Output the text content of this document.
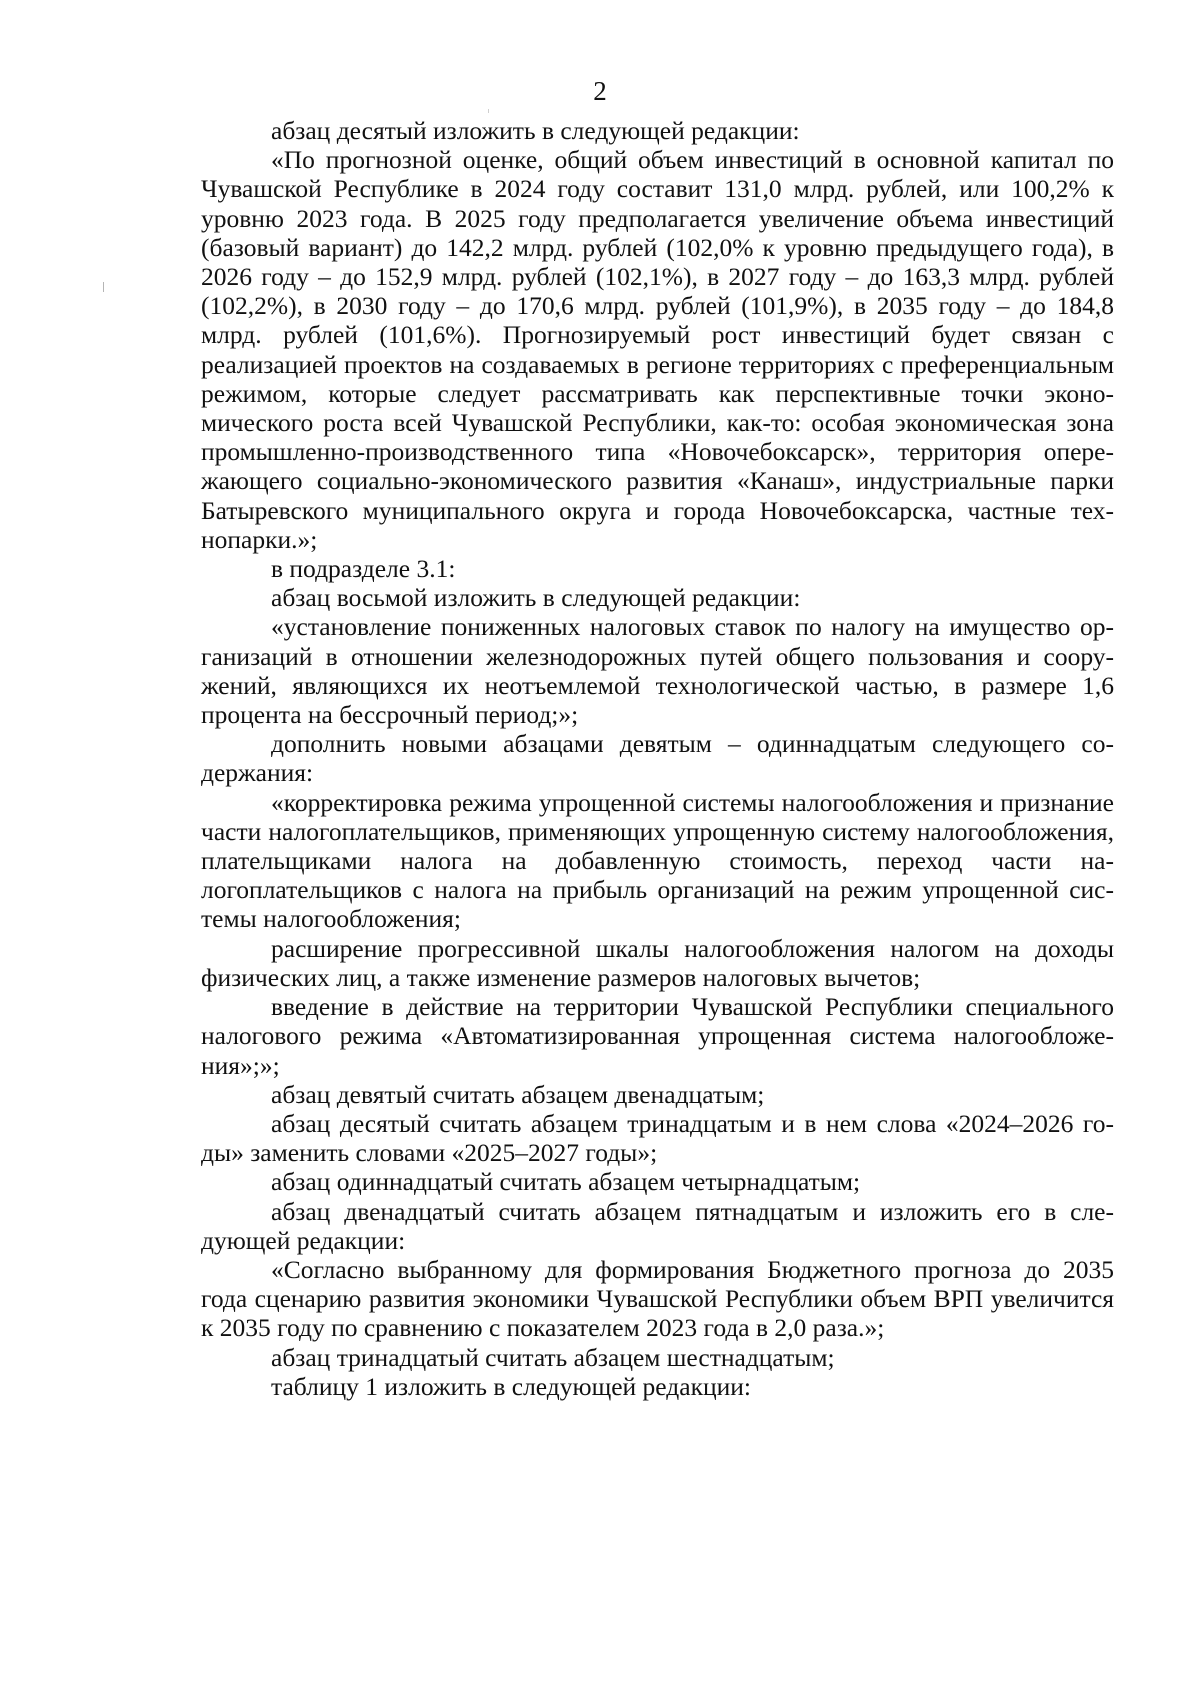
2

абзац десятый изложить в следующей редакции:

«По прогнозной оценке, общий объем инвестиций в основной капитал по Чувашской Республике в 2024 году составит 131,0 млрд. рублей, или 100,2% к уровню 2023 года. В 2025 году предполагается увеличение объема инвестиций (базовый вариант) до 142,2 млрд. рублей (102,0% к уровню предыдущего года), в 2026 году – до 152,9 млрд. рублей (102,1%), в 2027 году – до 163,3 млрд. рублей (102,2%), в 2030 году – до 170,6 млрд. рублей (101,9%), в 2035 году – до 184,8 млрд. рублей (101,6%). Прогнозируемый рост инвестиций будет связан с реализацией проектов на создаваемых в регионе территориях с преференциальным режимом, которые следует рассматривать как перспективные точки экономического роста всей Чувашской Республики, как-то: особая экономическая зона промышленно-производственного типа «Новочебоксарск», территория опережающего социально-экономического развития «Канаш», индустриальные парки Батыревского муниципального округа и города Новочебоксарска, частные технопарки.»;

в подразделе 3.1:

абзац восьмой изложить в следующей редакции:

«установление пониженных налоговых ставок по налогу на имущество организаций в отношении железнодорожных путей общего пользования и сооружений, являющихся их неотъемлемой технологической частью, в размере 1,6 процента на бессрочный период;»;

дополнить новыми абзацами девятым – одиннадцатым следующего содержания:

«корректировка режима упрощенной системы налогообложения и признание части налогоплательщиков, применяющих упрощенную систему налогообложения, плательщиками налога на добавленную стоимость, переход части налогоплательщиков с налога на прибыль организаций на режим упрощенной системы налогообложения;

расширение прогрессивной шкалы налогообложения налогом на доходы физических лиц, а также изменение размеров налоговых вычетов;

введение в действие на территории Чувашской Республики специального налогового режима «Автоматизированная упрощенная система налогообложения»;»;

абзац девятый считать абзацем двенадцатым;

абзац десятый считать абзацем тринадцатым и в нем слова «2024–2026 годы» заменить словами «2025–2027 годы»;

абзац одиннадцатый считать абзацем четырнадцатым;

абзац двенадцатый считать абзацем пятнадцатым и изложить его в следующей редакции:

«Согласно выбранному для формирования Бюджетного прогноза до 2035 года сценарию развития экономики Чувашской Республики объем ВРП увеличится к 2035 году по сравнению с показателем 2023 года в 2,0 раза.»;

абзац тринадцатый считать абзацем шестнадцатым;

таблицу 1 изложить в следующей редакции:
